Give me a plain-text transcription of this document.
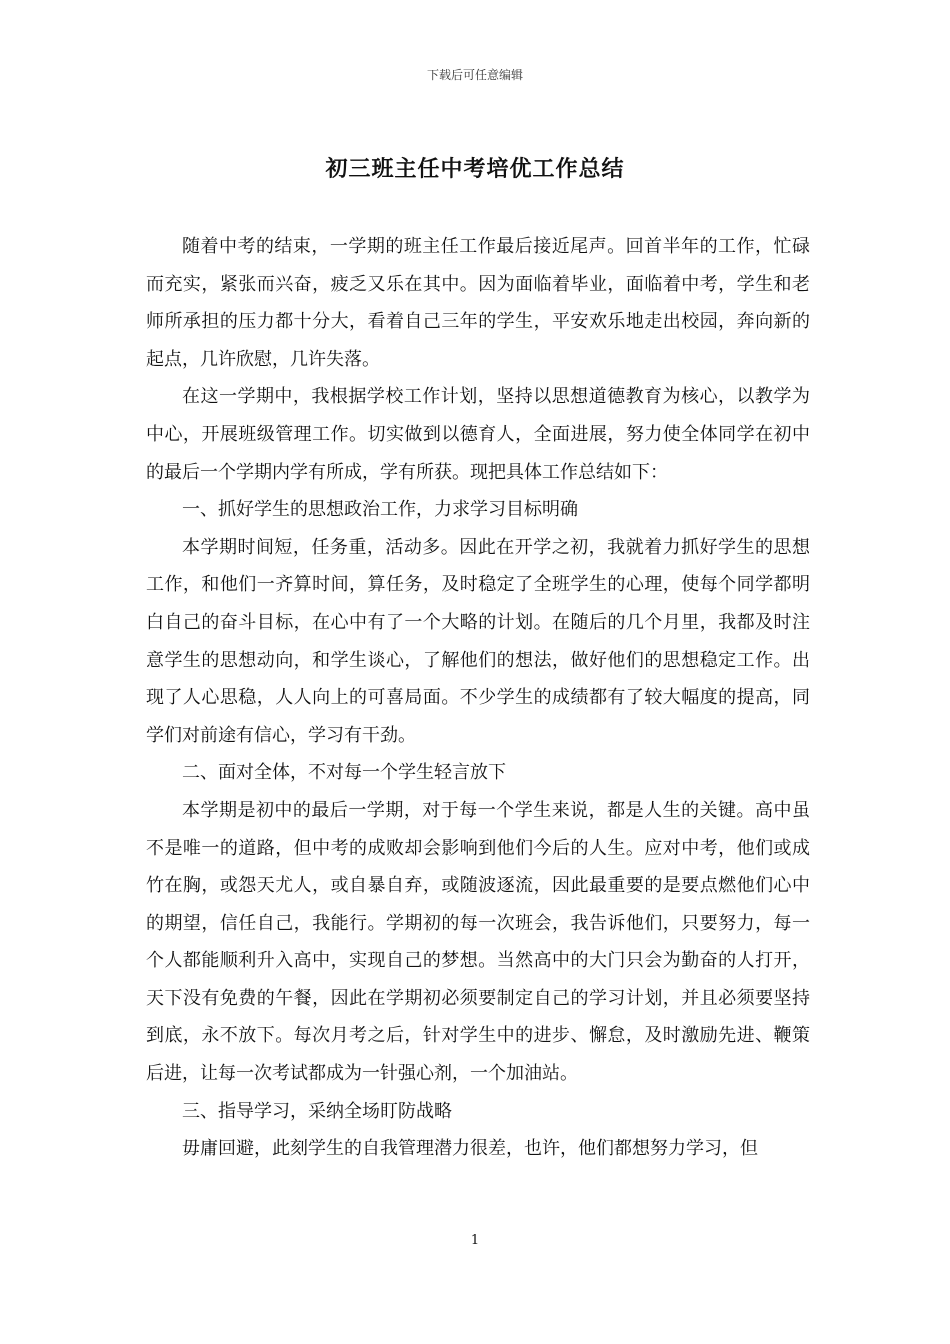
下载后可任意编辑
初三班主任中考培优工作总结

随着中考的结束，一学期的班主任工作最后接近尾声。回首半年的工作，忙碌而充实，紧张而兴奋，疲乏又乐在其中。因为面临着毕业，面临着中考，学生和老师所承担的压力都十分大，看着自己三年的学生，平安欢乐地走出校园，奔向新的起点，几许欣慰，几许失落。

在这一学期中，我根据学校工作计划，坚持以思想道德教育为核心，以教学为中心，开展班级管理工作。切实做到以德育人，全面进展，努力使全体同学在初中的最后一个学期内学有所成，学有所获。现把具体工作总结如下：

一、抓好学生的思想政治工作，力求学习目标明确

本学期时间短，任务重，活动多。因此在开学之初，我就着力抓好学生的思想工作，和他们一齐算时间，算任务，及时稳定了全班学生的心理，使每个同学都明白自己的奋斗目标，在心中有了一个大略的计划。在随后的几个月里，我都及时注意学生的思想动向，和学生谈心，了解他们的想法，做好他们的思想稳定工作。出现了人心思稳，人人向上的可喜局面。不少学生的成绩都有了较大幅度的提高，同学们对前途有信心，学习有干劲。

二、面对全体，不对每一个学生轻言放下

本学期是初中的最后一学期，对于每一个学生来说，都是人生的关键。高中虽不是唯一的道路，但中考的成败却会影响到他们今后的人生。应对中考，他们或成竹在胸，或怨天尤人，或自暴自弃，或随波逐流，因此最重要的是要点燃他们心中的期望，信任自己，我能行。学期初的每一次班会，我告诉他们，只要努力，每一个人都能顺利升入高中，实现自己的梦想。当然高中的大门只会为勤奋的人打开，天下没有免费的午餐，因此在学期初必须要制定自己的学习计划，并且必须要坚持到底，永不放下。每次月考之后，针对学生中的进步、懈怠，及时激励先进、鞭策后进，让每一次考试都成为一针强心剂，一个加油站。

三、指导学习，采纳全场盯防战略

毋庸回避，此刻学生的自我管理潜力很差，也许，他们都想努力学习，但

1
